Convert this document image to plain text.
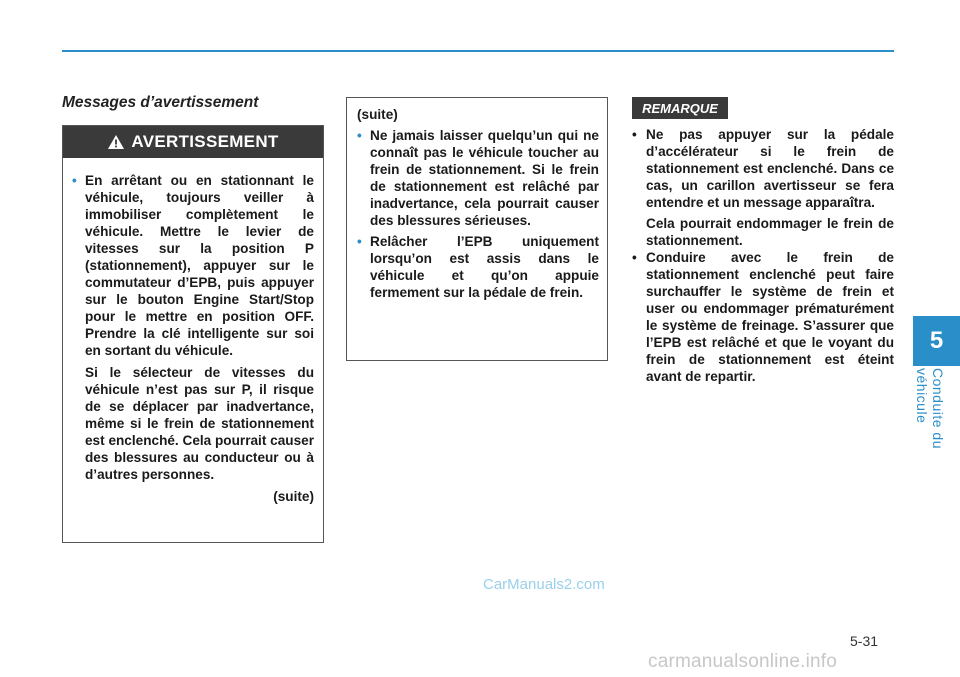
Messages d’avertissement
AVERTISSEMENT
• En arrêtant ou en stationnant le véhicule, toujours veiller à immobiliser complètement le véhicule. Mettre le levier de vitesses sur la position P (stationnement), appuyer sur le commutateur d’EPB, puis appuyer sur le bouton Engine Start/Stop pour le mettre en position OFF. Prendre la clé intelligente sur soi en sortant du véhicule.
Si le sélecteur de vitesses du véhicule n’est pas sur P, il risque de se déplacer par inadvertance, même si le frein de stationnement est enclenché. Cela pourrait causer des blessures au conducteur ou à d’autres personnes.
(suite)
(suite)
• Ne jamais laisser quelqu’un qui ne connaît pas le véhicule toucher au frein de stationnement. Si le frein de stationnement est relâché par inadvertance, cela pourrait causer des blessures sérieuses.
• Relâcher l’EPB uniquement lorsqu’on est assis dans le véhicule et qu’on appuie fermement sur la pédale de frein.
REMARQUE
• Ne pas appuyer sur la pédale d’accélérateur si le frein de stationnement est enclenché. Dans ce cas, un carillon avertisseur se fera entendre et un message apparaîtra.
Cela pourrait endommager le frein de stationnement.
• Conduire avec le frein de stationnement enclenché peut faire surchauffer le système de frein et user ou endommager prématurément le système de freinage. S’assurer que l’EPB est relâché et que le voyant du frein de stationnement est éteint avant de repartir.
5
Conduite du véhicule
CarManuals2.com
5-31
carmanualsonline.info
